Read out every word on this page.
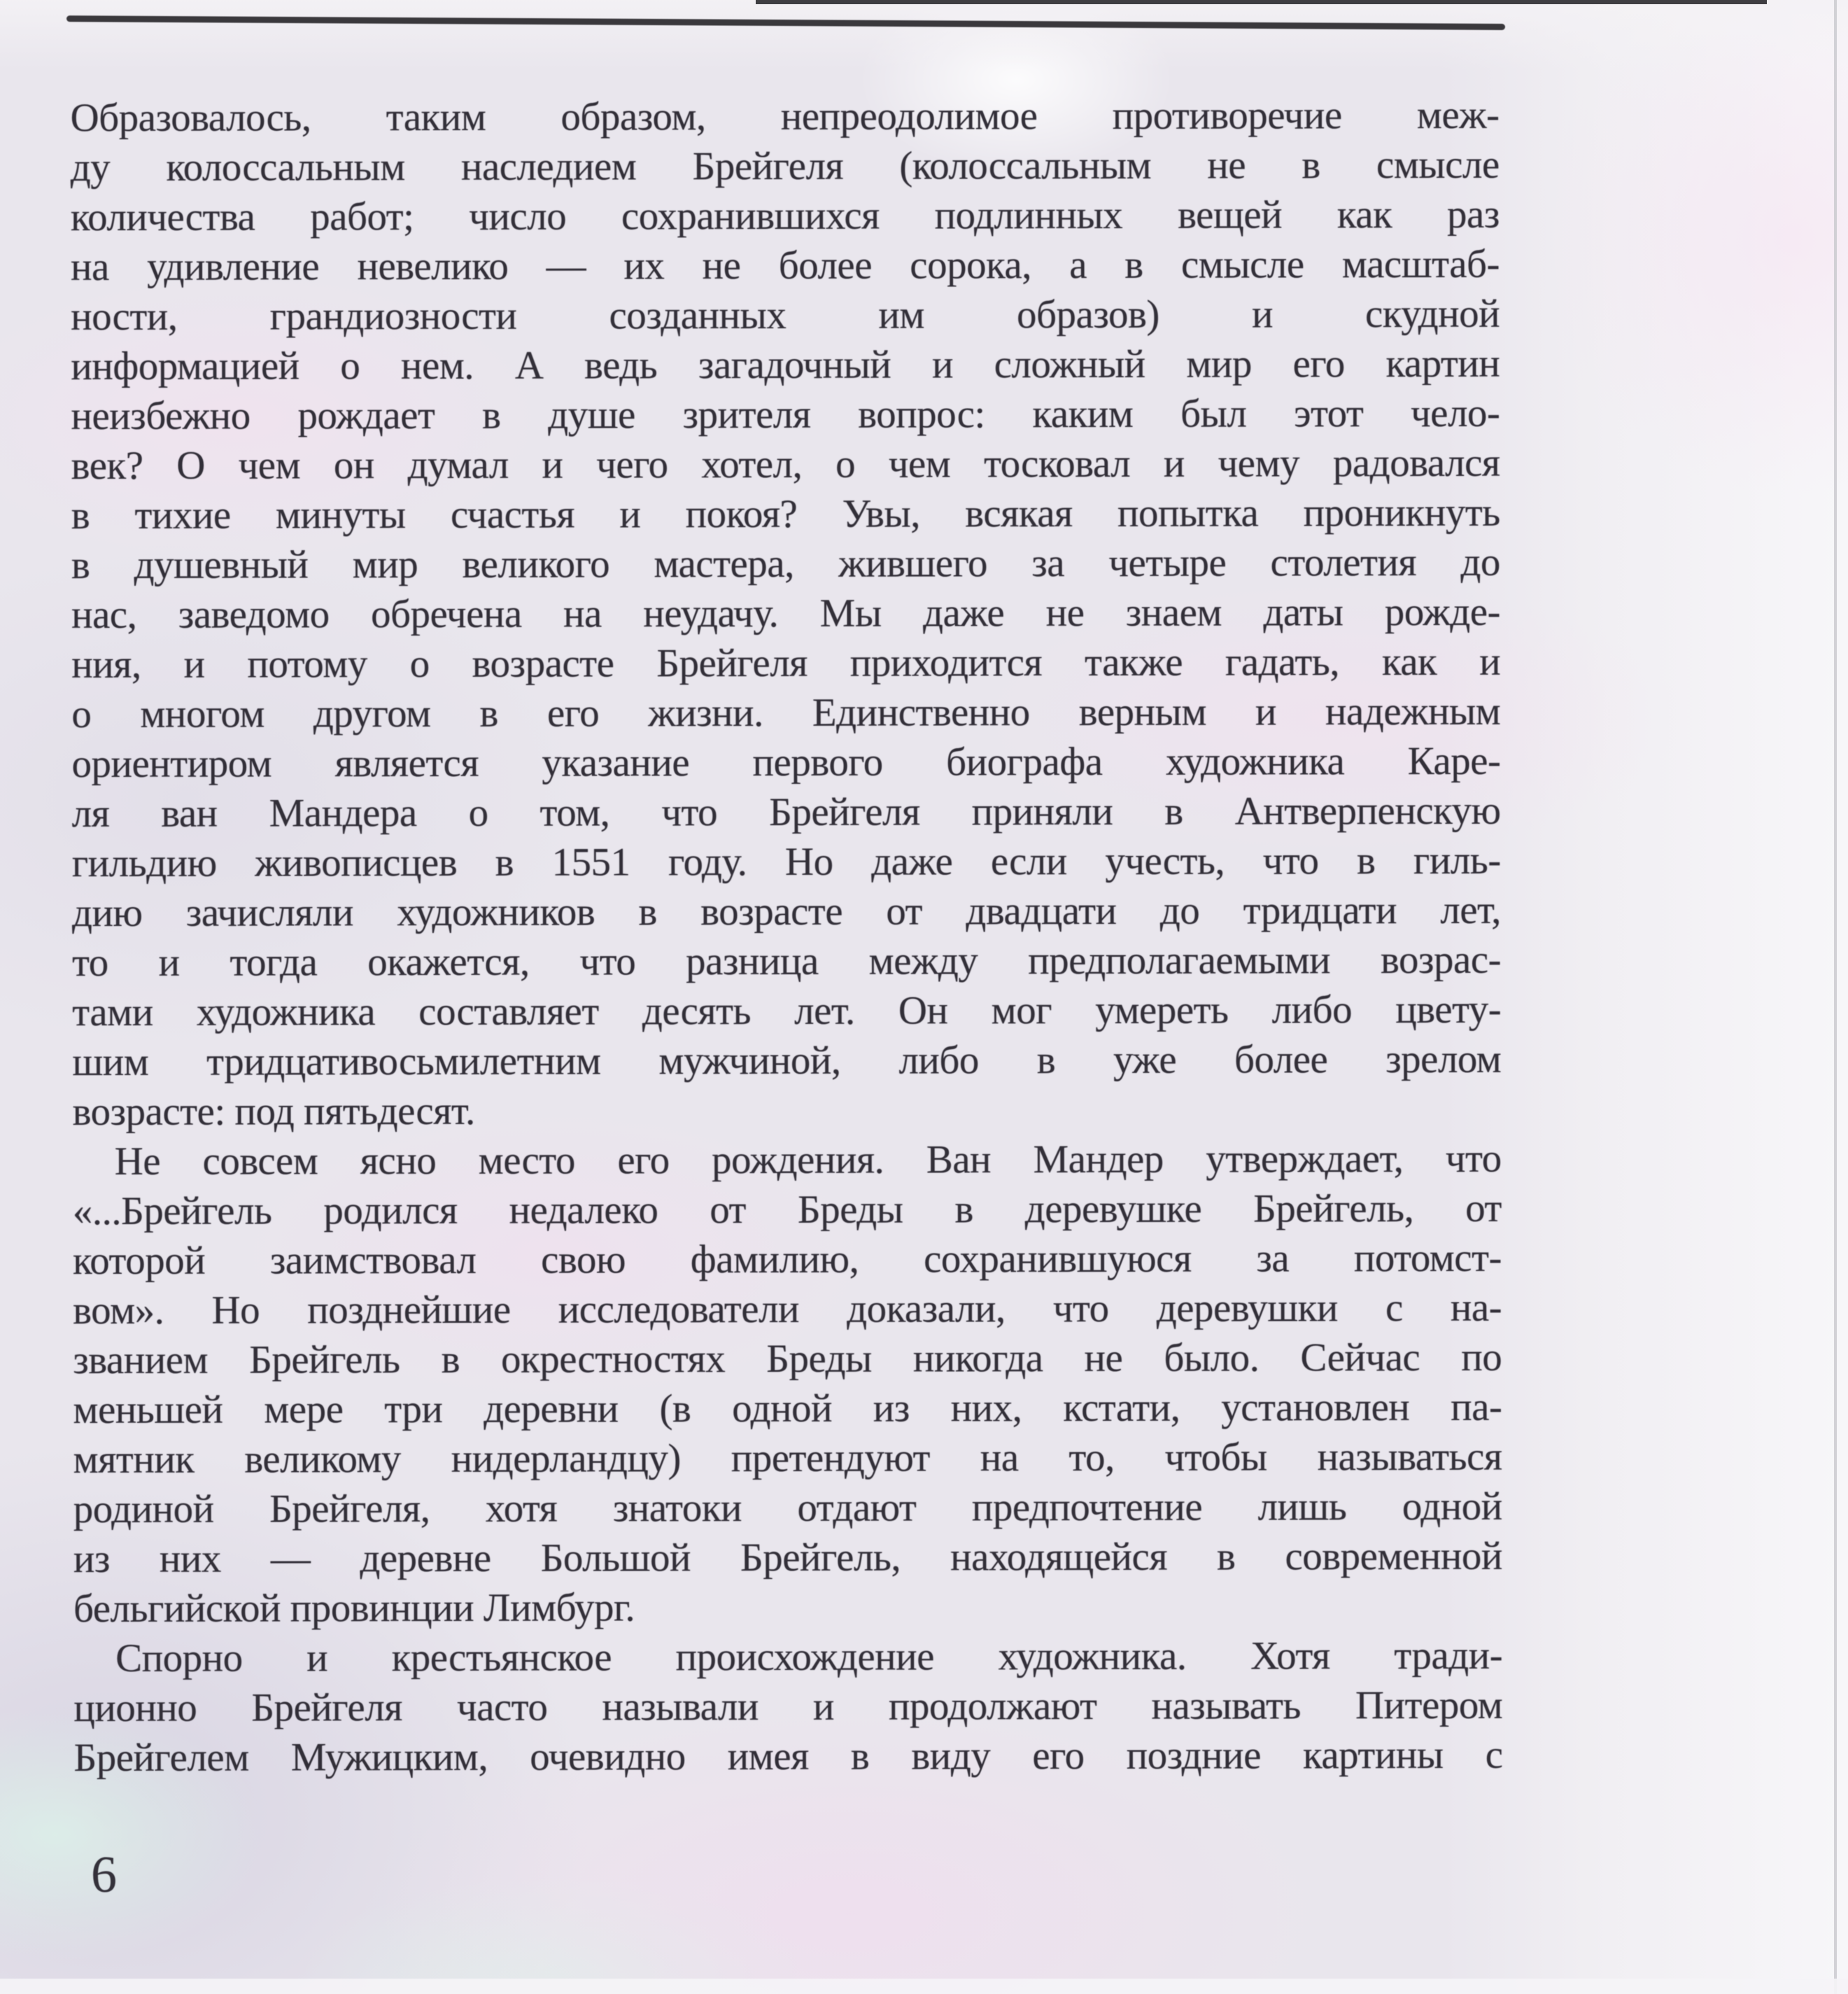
Образовалось, таким образом, непреодолимое противоречие меж-
ду колоссальным наследием Брейгеля (колоссальным не в смысле
количества работ; число сохранившихся подлинных вещей как раз
на удивление невелико — их не более сорока, а в смысле масштаб-
ности, грандиозности созданных им образов) и скудной
информацией о нем. А ведь загадочный и сложный мир его картин
неизбежно рождает в душе зрителя вопрос: каким был этот чело-
век? О чем он думал и чего хотел, о чем тосковал и чему радовался
в тихие минуты счастья и покоя? Увы, всякая попытка проникнуть
в душевный мир великого мастера, жившего за четыре столетия до
нас, заведомо обречена на неудачу. Мы даже не знаем даты рожде-
ния, и потому о возрасте Брейгеля приходится также гадать, как и
о многом другом в его жизни. Единственно верным и надежным
ориентиром является указание первого биографа художника Каре-
ля ван Мандера о том, что Брейгеля приняли в Антверпенскую
гильдию живописцев в 1551 году. Но даже если учесть, что в гиль-
дию зачисляли художников в возрасте от двадцати до тридцати лет,
то и тогда окажется, что разница между предполагаемыми возрас-
тами художника составляет десять лет. Он мог умереть либо цвету-
шим тридцативосьмилетним мужчиной, либо в уже более зрелом
возрасте: под пятьдесят.
Не совсем ясно место его рождения. Ван Мандер утверждает, что
«...Брейгель родился недалеко от Бреды в деревушке Брейгель, от
которой заимствовал свою фамилию, сохранившуюся за потомст-
вом». Но позднейшие исследователи доказали, что деревушки с на-
званием Брейгель в окрестностях Бреды никогда не было. Сейчас по
меньшей мере три деревни (в одной из них, кстати, установлен па-
мятник великому нидерландцу) претендуют на то, чтобы называться
родиной Брейгеля, хотя знатоки отдают предпочтение лишь одной
из них — деревне Большой Брейгель, находящейся в современной
бельгийской провинции Лимбург.
Спорно и крестьянское происхождение художника. Хотя тради-
ционно Брейгеля часто называли и продолжают называть Питером
Брейгелем Мужицким, очевидно имея в виду его поздние картины с
6
